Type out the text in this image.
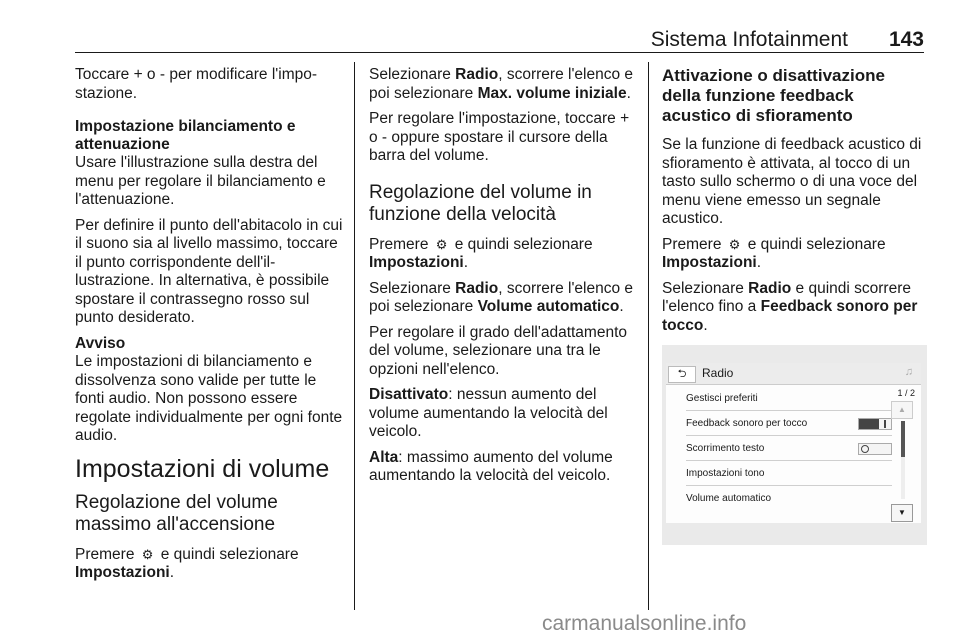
Sistema Infotainment 143

Toccare + o - per modificare l'impo-stazione.

Impostazione bilanciamento e attenuazione

Usare l'illustrazione sulla destra del menu per regolare il bilanciamento e l'attenuazione.

Per definire il punto dell'abitacolo in cui il suono sia al livello massimo, toccare il punto corrispondente dell'il-lustrazione. In alternativa, è possibile spostare il contrassegno rosso sul punto desiderato.

Avviso

Le impostazioni di bilanciamento e dissolvenza sono valide per tutte le fonti audio. Non possono essere regolate individualmente per ogni fonte audio.

Impostazioni di volume
Regolazione del volume massimo all'accensione

Premere ⚙ e quindi selezionare Impostazioni.

Selezionare Radio, scorrere l'elenco e poi selezionare Max. volume iniziale.

Per regolare l'impostazione, toccare + o - oppure spostare il cursore della barra del volume.

Regolazione del volume in funzione della velocità

Premere ⚙ e quindi selezionare Impostazioni.

Selezionare Radio, scorrere l'elenco e poi selezionare Volume automatico.

Per regolare il grado dell'adattamento del volume, selezionare una tra le opzioni nell'elenco.

Disattivato: nessun aumento del volume aumentando la velocità del veicolo.

Alta: massimo aumento del volume aumentando la velocità del veicolo.

Attivazione o disattivazione della funzione feedback acustico di sfioramento

Se la funzione di feedback acustico di sfioramento è attivata, al tocco di un tasto sullo schermo o di una voce del menu viene emesso un segnale acustico.

Premere ⚙ e quindi selezionare Impostazioni.

Selezionare Radio e quindi scorrere l'elenco fino a Feedback sonoro per tocco.

⮌	Radio	♫
1 / 2
Gestisci preferiti
Feedback sonoro per tocco
Scorrimento testo
Impostazioni tono
Volume automatico
▲
▼
carmanualsonline.info
